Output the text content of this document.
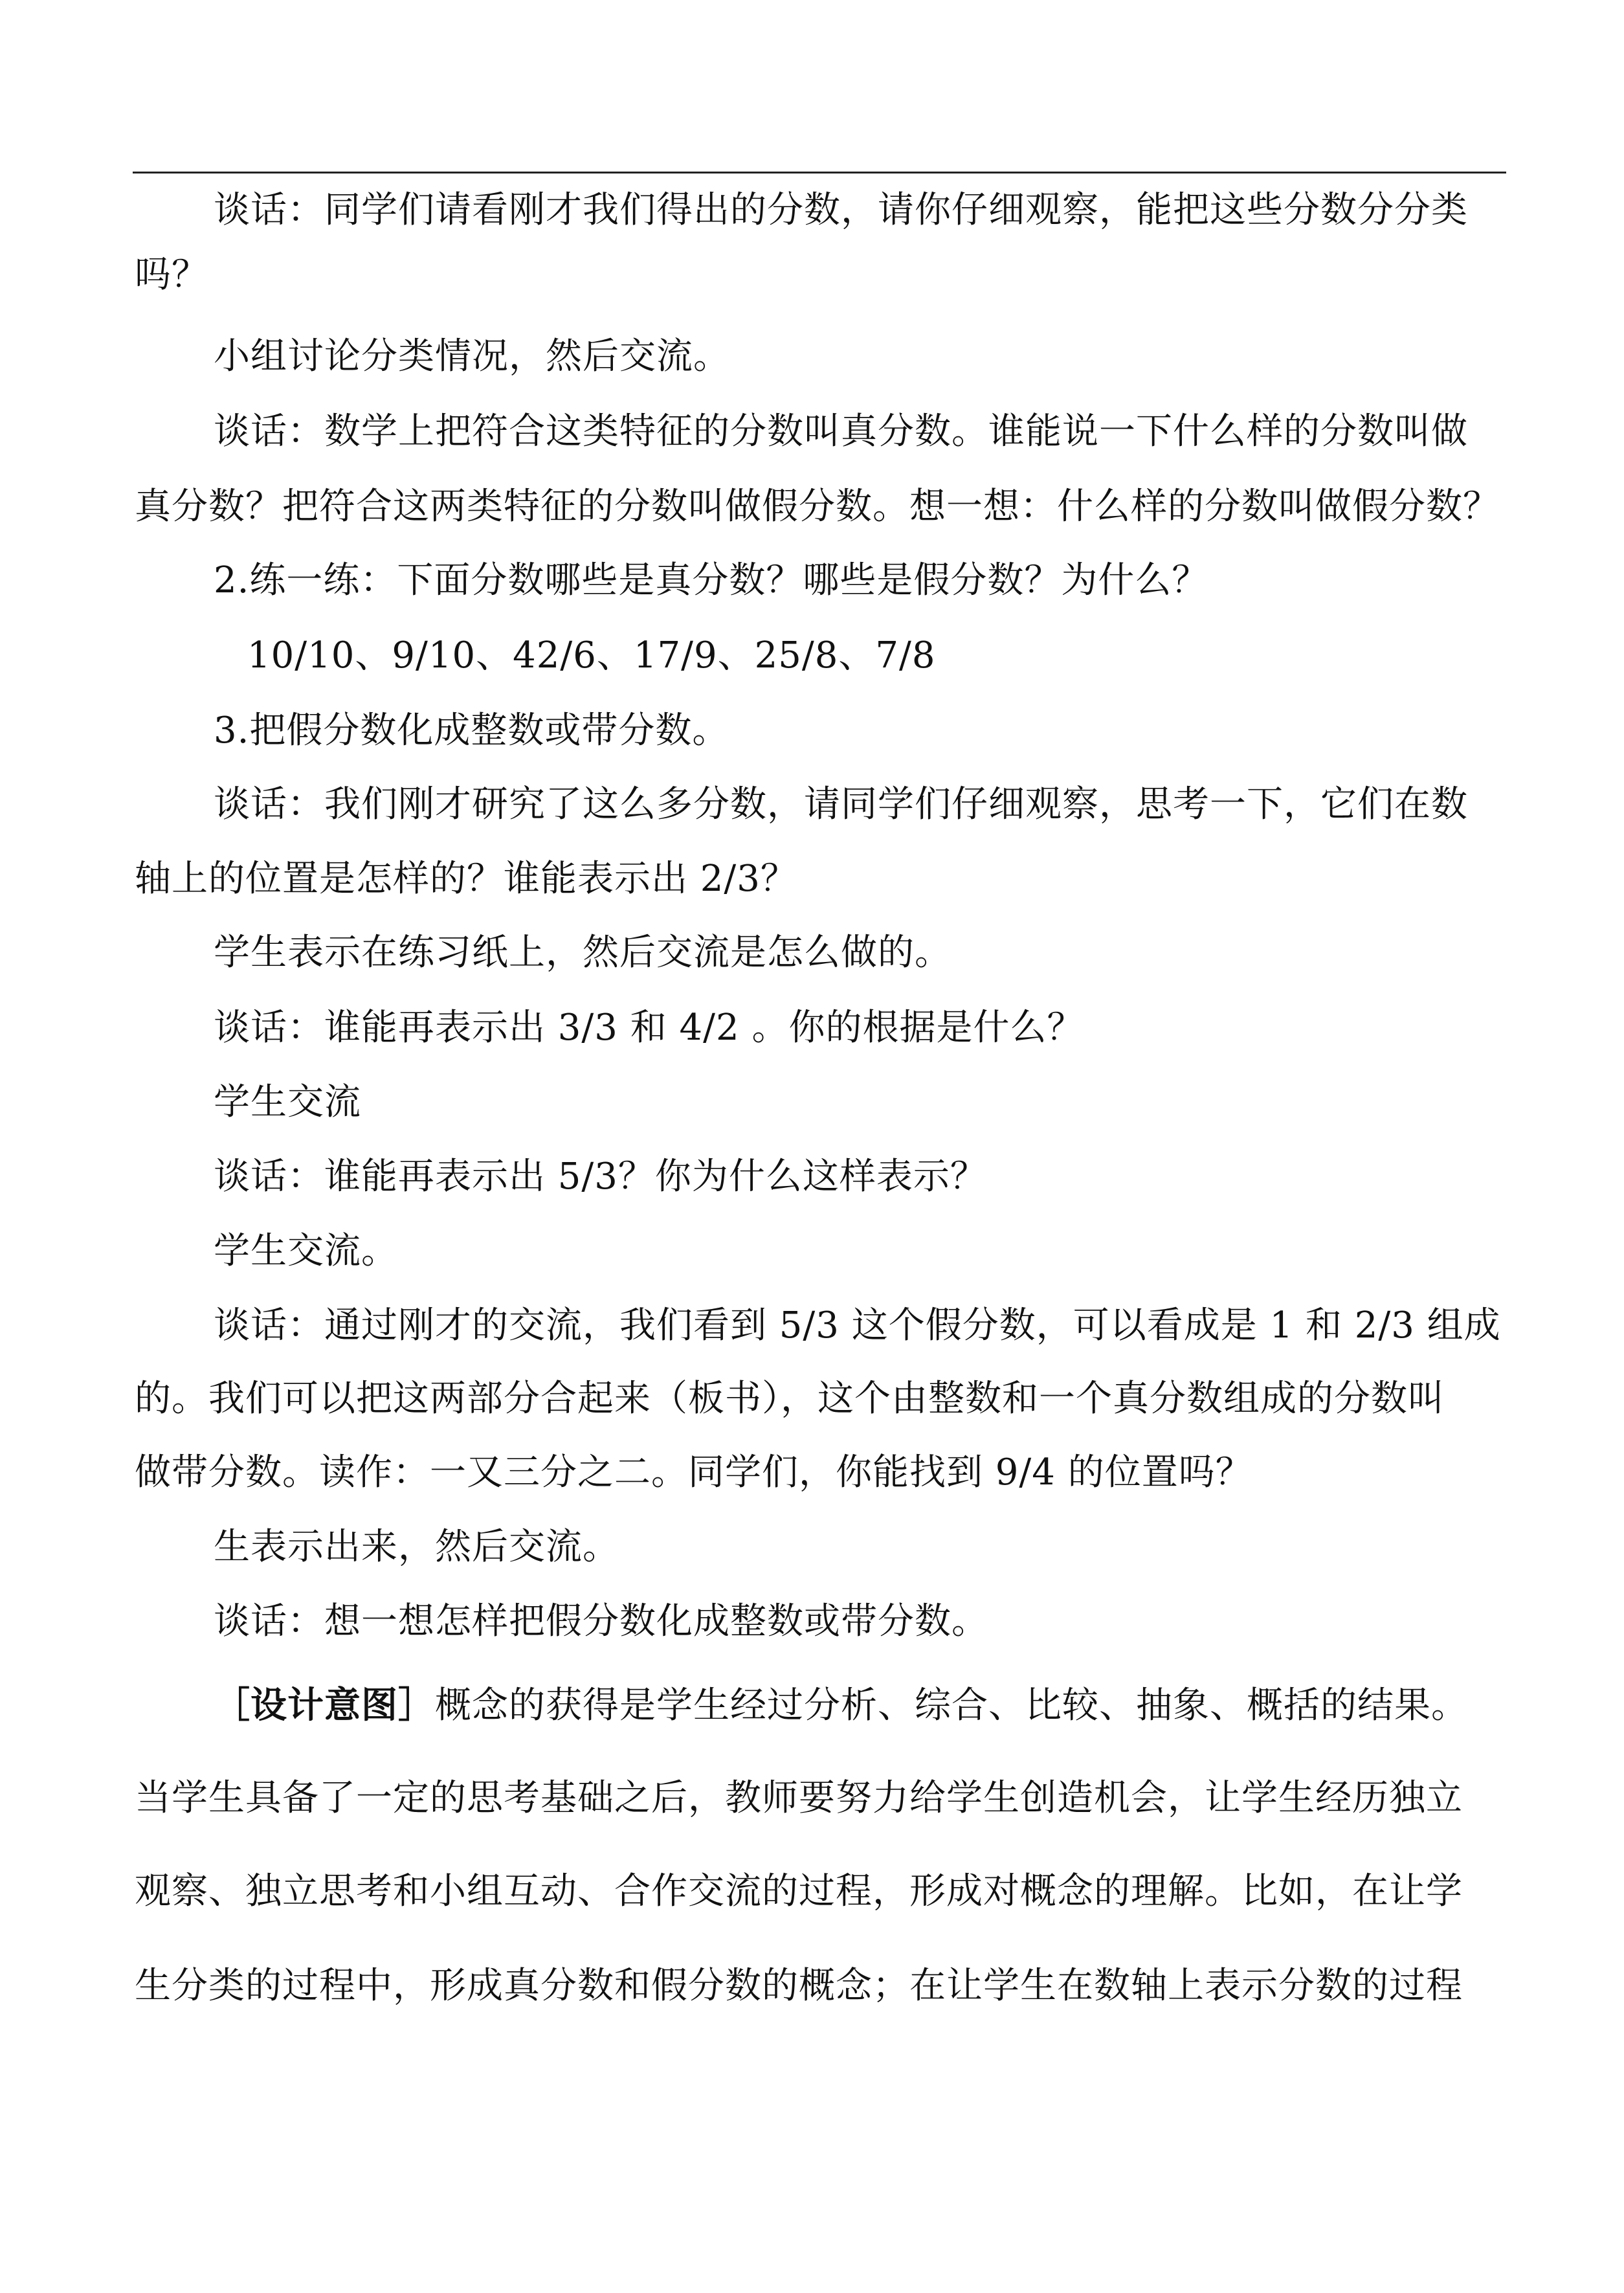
谈话：同学们请看刚才我们得出的分数，请你仔细观察，能把这些分数分分类
吗？
小组讨论分类情况，然后交流。
谈话：数学上把符合这类特征的分数叫真分数。谁能说一下什么样的分数叫做
真分数？把符合这两类特征的分数叫做假分数。想一想：什么样的分数叫做假分数？
2.练一练：下面分数哪些是真分数？哪些是假分数？为什么？
10/10、9/10、42/6、17/9、25/8、7/8
3.把假分数化成整数或带分数。
谈话：我们刚才研究了这么多分数，请同学们仔细观察，思考一下，它们在数
轴上的位置是怎样的？谁能表示出 2/3？
学生表示在练习纸上，然后交流是怎么做的。
谈话：谁能再表示出 3/3 和 4/2 。你的根据是什么？
学生交流
谈话：谁能再表示出 5/3？你为什么这样表示？
学生交流。
谈话：通过刚才的交流，我们看到 5/3 这个假分数，可以看成是 1 和 2/3 组成
的。我们可以把这两部分合起来（板书），这个由整数和一个真分数组成的分数叫
做带分数。读作：一又三分之二。同学们，你能找到 9/4 的位置吗？
生表示出来，然后交流。
谈话：想一想怎样把假分数化成整数或带分数。
［设计意图］概念的获得是学生经过分析、综合、比较、抽象、概括的结果。
当学生具备了一定的思考基础之后，教师要努力给学生创造机会，让学生经历独立
观察、独立思考和小组互动、合作交流的过程，形成对概念的理解。比如，在让学
生分类的过程中，形成真分数和假分数的概念；在让学生在数轴上表示分数的过程
